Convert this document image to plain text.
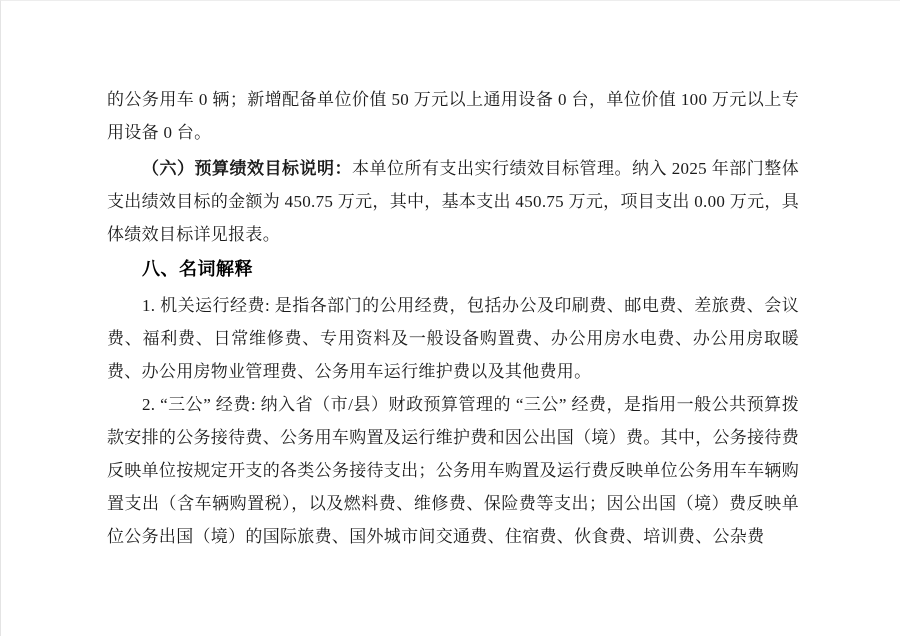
的公务用车 0 辆；新增配备单位价值 50 万元以上通用设备 0 台，单位价值 100 万元以上专用设备 0 台。

（六）预算绩效目标说明：本单位所有支出实行绩效目标管理。纳入 2025 年部门整体支出绩效目标的金额为 450.75 万元，其中，基本支出 450.75 万元，项目支出 0.00 万元，具体绩效目标详见报表。

八、名词解释

1. 机关运行经费: 是指各部门的公用经费，包括办公及印刷费、邮电费、差旅费、会议费、福利费、日常维修费、专用资料及一般设备购置费、办公用房水电费、办公用房取暖费、办公用房物业管理费、公务用车运行维护费以及其他费用。

2. “三公” 经费: 纳入省（市/县）财政预算管理的 “三公” 经费，是指用一般公共预算拨款安排的公务接待费、公务用车购置及运行维护费和因公出国（境）费。其中，公务接待费反映单位按规定开支的各类公务接待支出；公务用车购置及运行费反映单位公务用车车辆购置支出（含车辆购置税），以及燃料费、维修费、保险费等支出；因公出国（境）费反映单位公务出国（境）的国际旅费、国外城市间交通费、住宿费、伙食费、培训费、公杂费
